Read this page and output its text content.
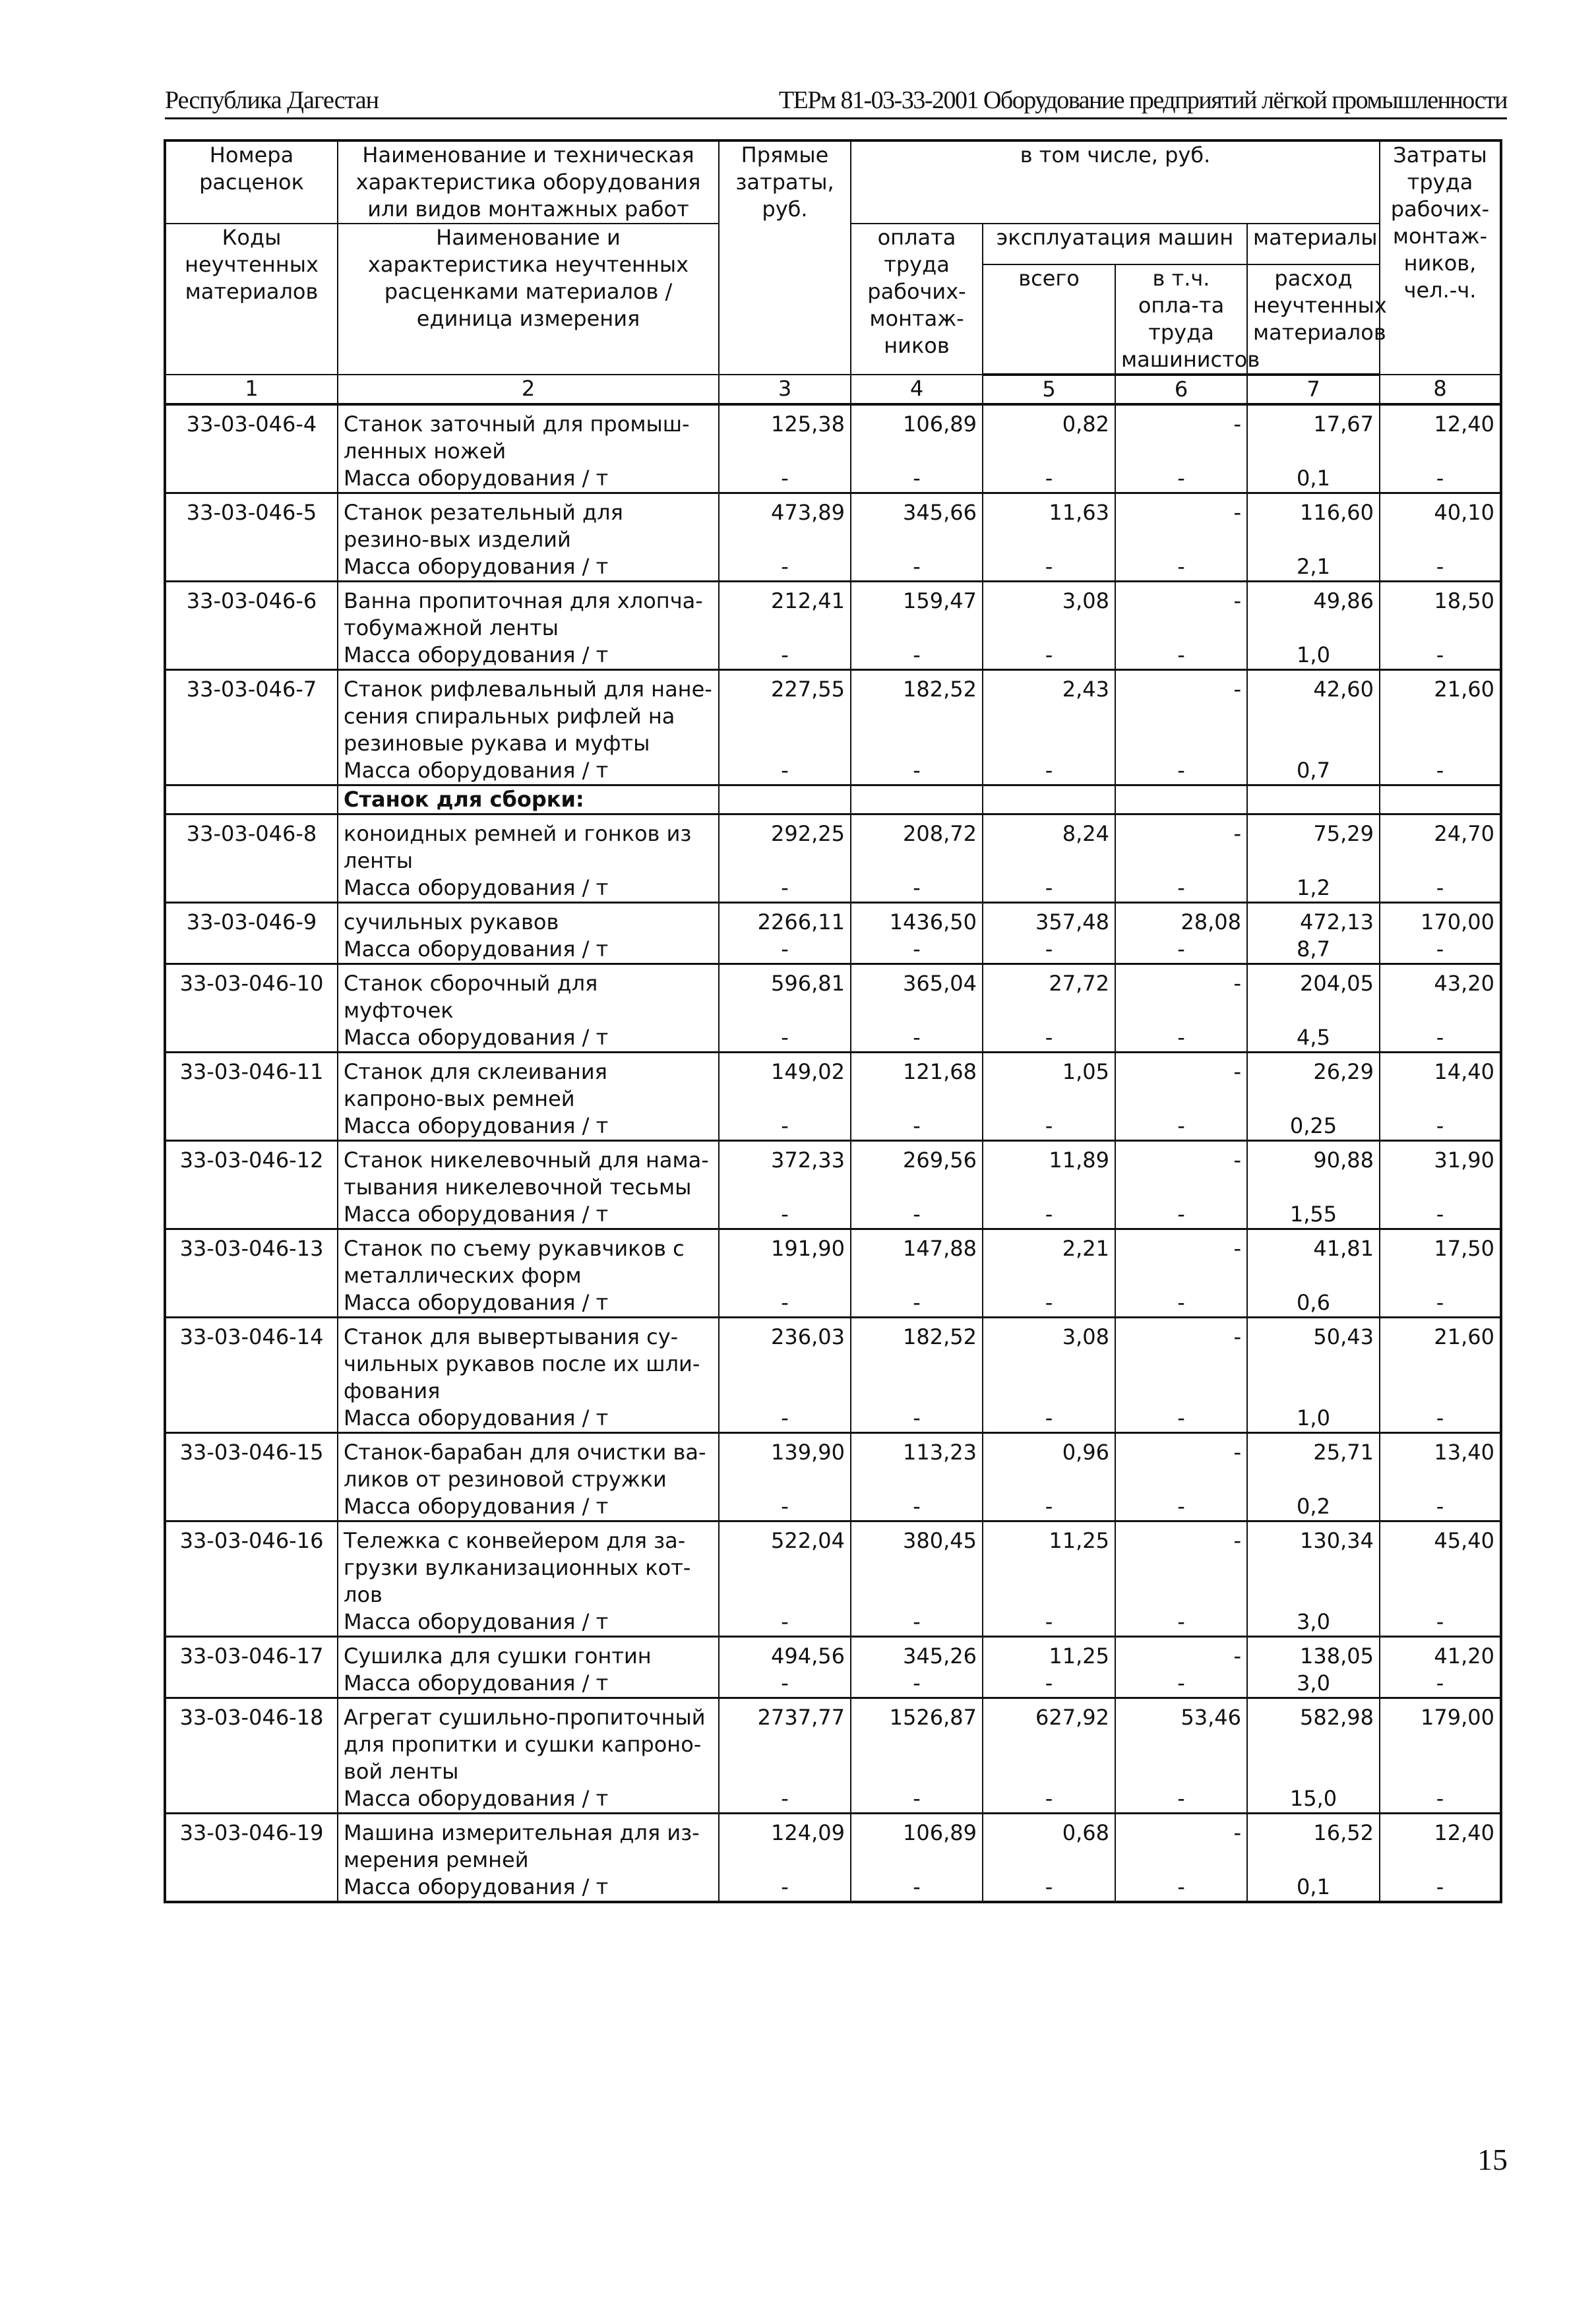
Республика Дагестан	ТЕРм 81-03-33-2001 Оборудование предприятий лёгкой промышленности
Номера расценок	Наименование и техническая характеристика оборудования или видов монтажных работ	Прямые затраты, руб.	в том числе, руб.				Затраты труда рабочих-монтаж-ников, чел.-ч.
Коды неучтенных материалов	Наименование и характеристика неучтенных расценками материалов / единица измерения		оплата труда рабочих-монтаж-ников	эксплуатация машин		материалы	
				всего	в т.ч. опла-та труда машинистов	расход неучтенных материалов	
1	2	3	4	5	6	7	8
33-03-046-4	Станок заточный для промыш-ленных ножей	125,38	106,89	0,82	-	17,67	12,40
	Масса оборудования / т	-	-	-	-	0,1	-
33-03-046-5	Станок резательный для резино-вых изделий	473,89	345,66	11,63	-	116,60	40,10
	Масса оборудования / т	-	-	-	-	2,1	-
33-03-046-6	Ванна пропиточная для хлопча-тобумажной ленты	212,41	159,47	3,08	-	49,86	18,50
	Масса оборудования / т	-	-	-	-	1,0	-
33-03-046-7	Станок рифлевальный для нане-сения спиральных рифлей на резиновые рукава и муфты	227,55	182,52	2,43	-	42,60	21,60
	Масса оборудования / т	-	-	-	-	0,7	-
	Станок для сборки:						
33-03-046-8	коноидных ремней и гонков из ленты	292,25	208,72	8,24	-	75,29	24,70
	Масса оборудования / т	-	-	-	-	1,2	-
33-03-046-9	сучильных рукавов	2266,11	1436,50	357,48	28,08	472,13	170,00
	Масса оборудования / т	-	-	-	-	8,7	-
33-03-046-10	Станок сборочный для муфточек	596,81	365,04	27,72	-	204,05	43,20
	Масса оборудования / т	-	-	-	-	4,5	-
33-03-046-11	Станок для склеивания капроно-вых ремней	149,02	121,68	1,05	-	26,29	14,40
	Масса оборудования / т	-	-	-	-	0,25	-
33-03-046-12	Станок никелевочный для нама-тывания никелевочной тесьмы	372,33	269,56	11,89	-	90,88	31,90
	Масса оборудования / т	-	-	-	-	1,55	-
33-03-046-13	Станок по съему рукавчиков с металлических форм	191,90	147,88	2,21	-	41,81	17,50
	Масса оборудования / т	-	-	-	-	0,6	-
33-03-046-14	Станок для вывертывания су-чильных рукавов после их шли-фования	236,03	182,52	3,08	-	50,43	21,60
	Масса оборудования / т	-	-	-	-	1,0	-
33-03-046-15	Станок-барабан для очистки ва-ликов от резиновой стружки	139,90	113,23	0,96	-	25,71	13,40
	Масса оборудования / т	-	-	-	-	0,2	-
33-03-046-16	Тележка с конвейером для за-грузки вулканизационных кот-лов	522,04	380,45	11,25	-	130,34	45,40
	Масса оборудования / т	-	-	-	-	3,0	-
33-03-046-17	Сушилка для сушки гонтин	494,56	345,26	11,25	-	138,05	41,20
	Масса оборудования / т	-	-	-	-	3,0	-
33-03-046-18	Агрегат сушильно-пропиточный для пропитки и сушки капроно-вой ленты	2737,77	1526,87	627,92	53,46	582,98	179,00
	Масса оборудования / т	-	-	-	-	15,0	-
33-03-046-19	Машина измерительная для из-мерения ремней	124,09	106,89	0,68	-	16,52	12,40
	Масса оборудования / т	-	-	-	-	0,1	-
15
